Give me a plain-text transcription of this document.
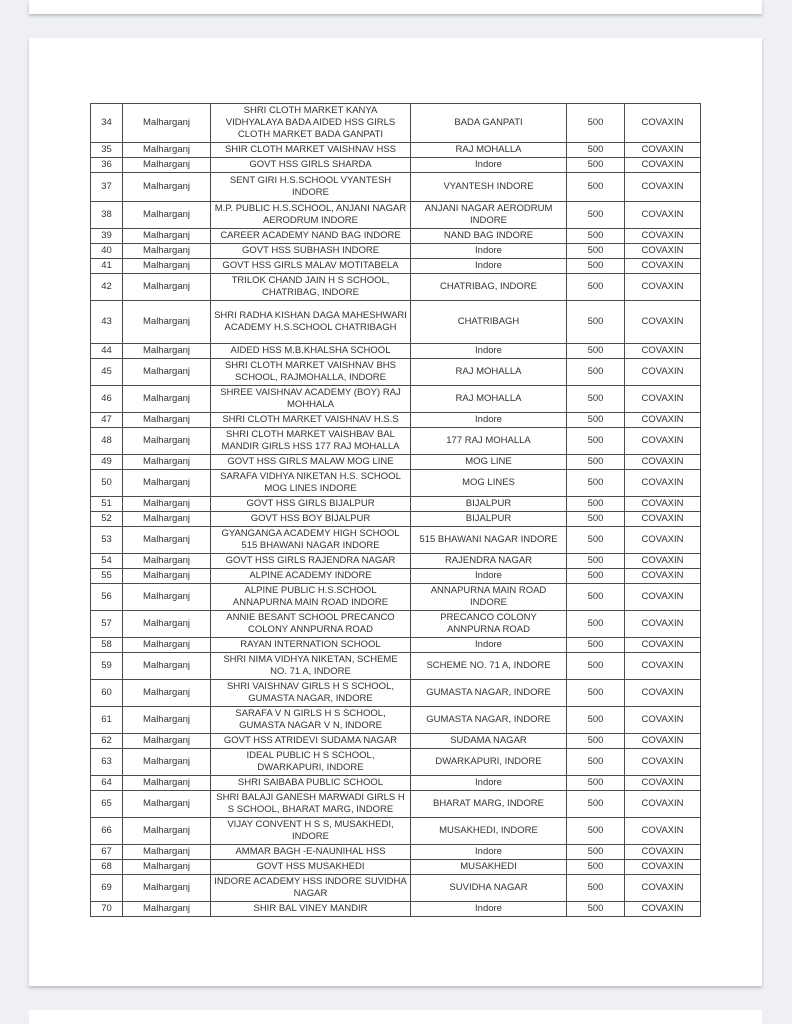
34	Malharganj	SHRI CLOTH MARKET KANYA VIDHYALAYA BADA AIDED HSS GIRLS CLOTH MARKET BADA GANPATI	BADA GANPATI	500	COVAXIN
35	Malharganj	SHIR CLOTH MARKET VAISHNAV HSS	RAJ MOHALLA	500	COVAXIN
36	Malharganj	GOVT HSS GIRLS SHARDA	Indore	500	COVAXIN
37	Malharganj	SENT GIRI H.S.SCHOOL VYANTESH INDORE	VYANTESH INDORE	500	COVAXIN
38	Malharganj	M.P. PUBLIC H.S.SCHOOL, ANJANI NAGAR AERODRUM INDORE	ANJANI NAGAR AERODRUM INDORE	500	COVAXIN
39	Malharganj	CAREER ACADEMY NAND BAG INDORE	NAND BAG INDORE	500	COVAXIN
40	Malharganj	GOVT HSS SUBHASH INDORE	Indore	500	COVAXIN
41	Malharganj	GOVT HSS GIRLS MALAV MOTITABELA	Indore	500	COVAXIN
42	Malharganj	TRILOK CHAND JAIN H S SCHOOL, CHATRIBAG, INDORE	CHATRIBAG, INDORE	500	COVAXIN
43	Malharganj	SHRI RADHA KISHAN DAGA MAHESHWARI ACADEMY H.S.SCHOOL CHATRIBAGH	CHATRIBAGH	500	COVAXIN
44	Malharganj	AIDED HSS M.B.KHALSHA SCHOOL	Indore	500	COVAXIN
45	Malharganj	SHRI CLOTH MARKET VAISHNAV BHS SCHOOL, RAJMOHALLA, INDORE	RAJ MOHALLA	500	COVAXIN
46	Malharganj	SHREE VAISHNAV ACADEMY (BOY) RAJ MOHHALA	RAJ MOHALLA	500	COVAXIN
47	Malharganj	SHRI CLOTH MARKET VAISHNAV H.S.S	Indore	500	COVAXIN
48	Malharganj	SHRI CLOTH MARKET VAISHBAV BAL MANDIR GIRLS HSS 177 RAJ MOHALLA	177 RAJ MOHALLA	500	COVAXIN
49	Malharganj	GOVT HSS GIRLS MALAW MOG LINE	MOG LINE	500	COVAXIN
50	Malharganj	SARAFA VIDHYA NIKETAN H.S. SCHOOL MOG LINES INDORE	MOG LINES	500	COVAXIN
51	Malharganj	GOVT HSS GIRLS BIJALPUR	BIJALPUR	500	COVAXIN
52	Malharganj	GOVT HSS BOY BIJALPUR	BIJALPUR	500	COVAXIN
53	Malharganj	GYANGANGA ACADEMY HIGH SCHOOL 515 BHAWANI NAGAR INDORE	515 BHAWANI NAGAR INDORE	500	COVAXIN
54	Malharganj	GOVT HSS GIRLS RAJENDRA NAGAR	RAJENDRA NAGAR	500	COVAXIN
55	Malharganj	ALPINE ACADEMY INDORE	Indore	500	COVAXIN
56	Malharganj	ALPINE PUBLIC H.S.SCHOOL ANNAPURNA MAIN ROAD INDORE	ANNAPURNA MAIN ROAD INDORE	500	COVAXIN
57	Malharganj	ANNIE BESANT SCHOOL PRECANCO COLONY ANNPURNA ROAD	PRECANCO COLONY ANNPURNA ROAD	500	COVAXIN
58	Malharganj	RAYAN INTERNATION SCHOOL	Indore	500	COVAXIN
59	Malharganj	SHRI NIMA VIDHYA NIKETAN, SCHEME NO. 71 A, INDORE	SCHEME NO. 71 A, INDORE	500	COVAXIN
60	Malharganj	SHRI VAISHNAV GIRLS H S SCHOOL, GUMASTA NAGAR, INDORE	GUMASTA NAGAR, INDORE	500	COVAXIN
61	Malharganj	SARAFA V N GIRLS H S SCHOOL, GUMASTA NAGAR V N, INDORE	GUMASTA NAGAR, INDORE	500	COVAXIN
62	Malharganj	GOVT HSS ATRIDEVI SUDAMA NAGAR	SUDAMA NAGAR	500	COVAXIN
63	Malharganj	IDEAL PUBLIC H S SCHOOL, DWARKAPURI, INDORE	DWARKAPURI, INDORE	500	COVAXIN
64	Malharganj	SHRI SAIBABA PUBLIC SCHOOL	Indore	500	COVAXIN
65	Malharganj	SHRI BALAJI GANESH MARWADI GIRLS H S SCHOOL, BHARAT MARG, INDORE	BHARAT MARG, INDORE	500	COVAXIN
66	Malharganj	VIJAY CONVENT H S S, MUSAKHEDI, INDORE	MUSAKHEDI, INDORE	500	COVAXIN
67	Malharganj	AMMAR BAGH -E-NAUNIHAL HSS	Indore	500	COVAXIN
68	Malharganj	GOVT HSS MUSAKHEDI	MUSAKHEDI	500	COVAXIN
69	Malharganj	INDORE ACADEMY HSS INDORE SUVIDHA NAGAR	SUVIDHA NAGAR	500	COVAXIN
70	Malharganj	SHIR BAL VINEY MANDIR	Indore	500	COVAXIN
